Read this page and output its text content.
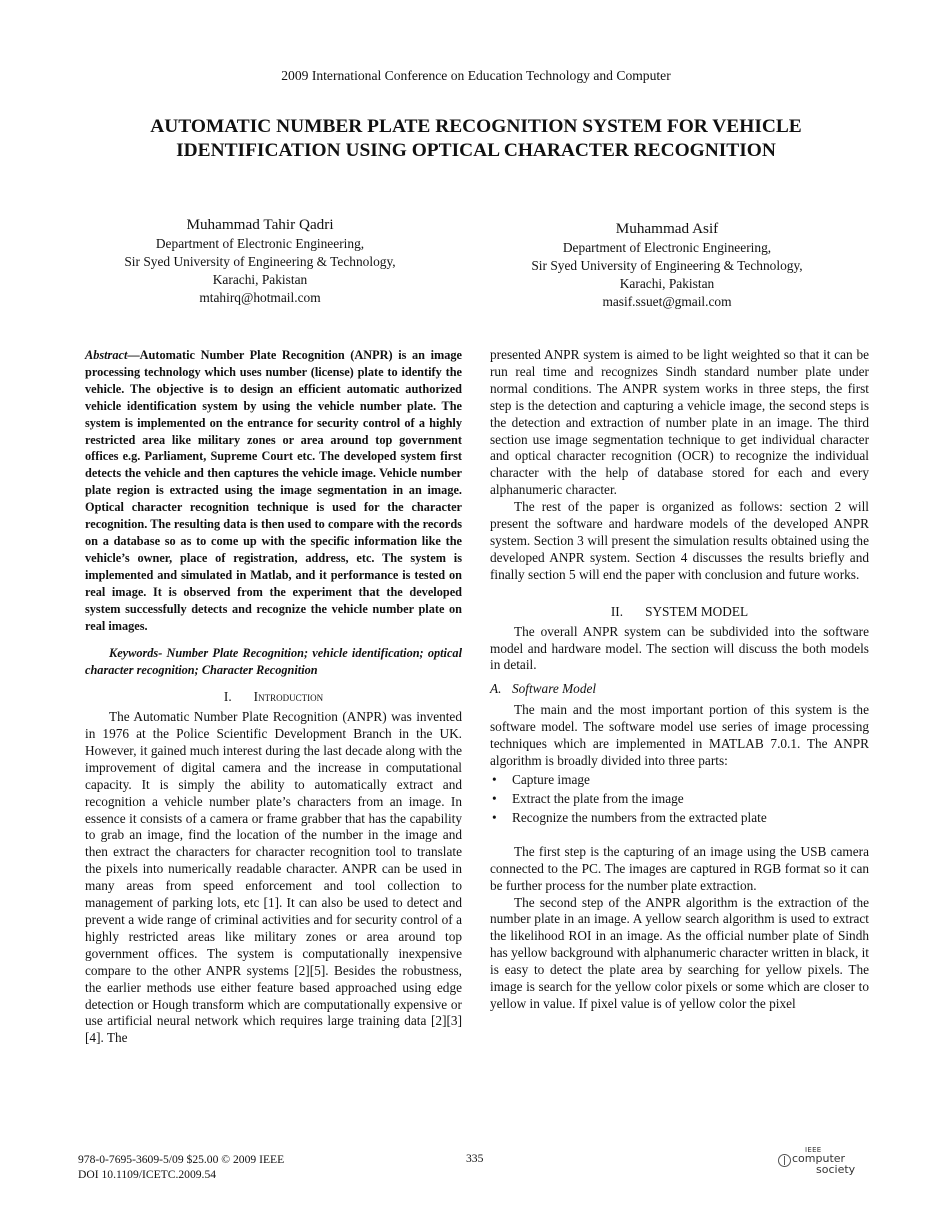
2009 International Conference on Education Technology and Computer
AUTOMATIC NUMBER PLATE RECOGNITION SYSTEM FOR VEHICLE
IDENTIFICATION USING OPTICAL CHARACTER RECOGNITION
Muhammad Tahir Qadri
Department of Electronic Engineering,
Sir Syed University of Engineering & Technology,
Karachi, Pakistan
mtahirq@hotmail.com
Muhammad Asif
Department of Electronic Engineering,
Sir Syed University of Engineering & Technology,
Karachi, Pakistan
masif.ssuet@gmail.com

Abstract—Automatic Number Plate Recognition (ANPR) is an image processing technology which uses number (license) plate to identify the vehicle. The objective is to design an efficient automatic authorized vehicle identification system by using the vehicle number plate. The system is implemented on the entrance for security control of a highly restricted area like military zones or area around top government offices e.g. Parliament, Supreme Court etc. The developed system first detects the vehicle and then captures the vehicle image. Vehicle number plate region is extracted using the image segmentation in an image. Optical character recognition technique is used for the character recognition. The resulting data is then used to compare with the records on a database so as to come up with the specific information like the vehicle’s owner, place of registration, address, etc. The system is implemented and simulated in Matlab, and it performance is tested on real image. It is observed from the experiment that the developed system successfully detects and recognize the vehicle number plate on real images.

Keywords- Number Plate Recognition; vehicle identification; optical character recognition; Character Recognition

I. Introduction

The Automatic Number Plate Recognition (ANPR) was invented in 1976 at the Police Scientific Development Branch in the UK. However, it gained much interest during the last decade along with the improvement of digital camera and the increase in computational capacity. It is simply the ability to automatically extract and recognition a vehicle number plate’s characters from an image. In essence it consists of a camera or frame grabber that has the capability to grab an image, find the location of the number in the image and then extract the characters for character recognition tool to translate the pixels into numerically readable character. ANPR can be used in many areas from speed enforcement and tool collection to management of parking lots, etc [1]. It can also be used to detect and prevent a wide range of criminal activities and for security control of a highly restricted areas like military zones or area around top government offices. The system is computationally inexpensive compare to the other ANPR systems [2][5]. Besides the robustness, the earlier methods use either feature based approached using edge detection or Hough transform which are computationally expensive or use artificial neural network which requires large training data [2][3][4]. The

presented ANPR system is aimed to be light weighted so that it can be run real time and recognizes Sindh standard number plate under normal conditions. The ANPR system works in three steps, the first step is the detection and capturing a vehicle image, the second steps is the detection and extraction of number plate in an image. The third section use image segmentation technique to get individual character and optical character recognition (OCR) to recognize the individual character with the help of database stored for each and every alphanumeric character.

The rest of the paper is organized as follows: section 2 will present the software and hardware models of the developed ANPR system. Section 3 will present the simulation results obtained using the developed ANPR system. Section 4 discusses the results briefly and finally section 5 will end the paper with conclusion and future works.

II. SYSTEM MODEL

The overall ANPR system can be subdivided into the software model and hardware model. The section will discuss the both models in detail.

A. Software Model

The main and the most important portion of this system is the software model. The software model use series of image processing techniques which are implemented in MATLAB 7.0.1. The ANPR algorithm is broadly divided into three parts:

• Capture image
• Extract the plate from the image
• Recognize the numbers from the extracted plate

The first step is the capturing of an image using the USB camera connected to the PC. The images are captured in RGB format so it can be further process for the number plate extraction.

The second step of the ANPR algorithm is the extraction of the number plate in an image. A yellow search algorithm is used to extract the likelihood ROI in an image. As the official number plate of Sindh has yellow background with alphanumeric character written in black, it is easy to detect the plate area by searching for yellow pixels. The image is search for the yellow color pixels or some which are closer to yellow in value. If pixel value is of yellow color the pixel

978-0-7695-3609-5/09 $25.00 © 2009 IEEE
DOI 10.1109/ICETC.2009.54
335
IEEE
computer
society
